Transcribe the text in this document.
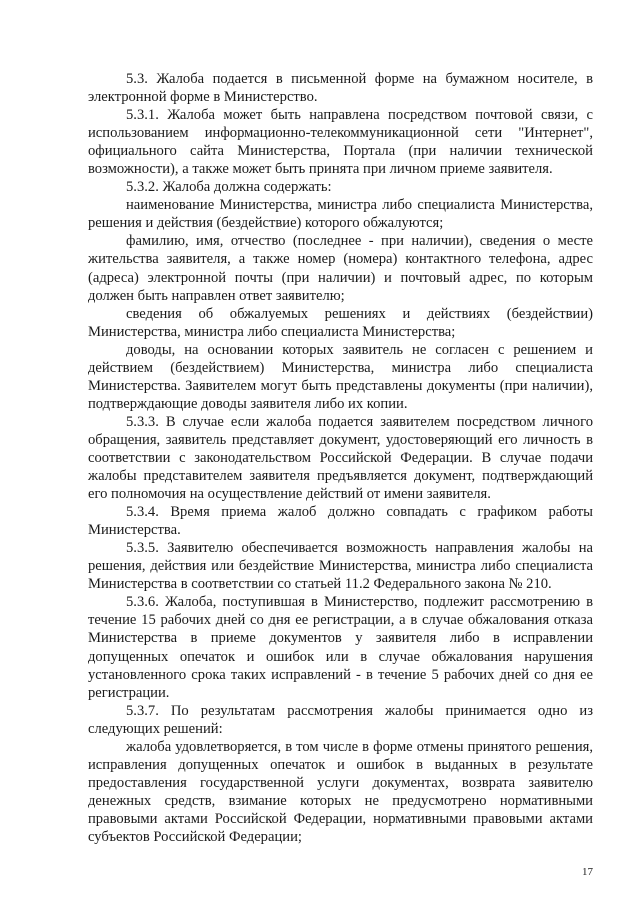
5.3. Жалоба подается в письменной форме на бумажном носителе, в электронной форме в Министерство.

5.3.1. Жалоба может быть направлена посредством почтовой связи, с использованием информационно-телекоммуникационной сети "Интернет", официального сайта Министерства, Портала (при наличии технической возможности), а также может быть принята при личном приеме заявителя.

5.3.2. Жалоба должна содержать:

наименование Министерства, министра либо специалиста Министерства, решения и действия (бездействие) которого обжалуются;

фамилию, имя, отчество (последнее - при наличии), сведения о месте жительства заявителя, а также номер (номера) контактного телефона, адрес (адреса) электронной почты (при наличии) и почтовый адрес, по которым должен быть направлен ответ заявителю;

сведения об обжалуемых решениях и действиях (бездействии) Министерства, министра либо специалиста Министерства;

доводы, на основании которых заявитель не согласен с решением и действием (бездействием) Министерства, министра либо специалиста Министерства. Заявителем могут быть представлены документы (при наличии), подтверждающие доводы заявителя либо их копии.

5.3.3. В случае если жалоба подается заявителем посредством личного обращения, заявитель представляет документ, удостоверяющий его личность в соответствии с законодательством Российской Федерации. В случае подачи жалобы представителем заявителя предъявляется документ, подтверждающий его полномочия на осуществление действий от имени заявителя.

5.3.4. Время приема жалоб должно совпадать с графиком работы Министерства.

5.3.5. Заявителю обеспечивается возможность направления жалобы на решения, действия или бездействие Министерства, министра либо специалиста Министерства в соответствии со статьей 11.2 Федерального закона № 210.

5.3.6. Жалоба, поступившая в Министерство, подлежит рассмотрению в течение 15 рабочих дней со дня ее регистрации, а в случае обжалования отказа Министерства в приеме документов у заявителя либо в исправлении допущенных опечаток и ошибок или в случае обжалования нарушения установленного срока таких исправлений - в течение 5 рабочих дней со дня ее регистрации.

5.3.7. По результатам рассмотрения жалобы принимается одно из следующих решений:

жалоба удовлетворяется, в том числе в форме отмены принятого решения, исправления допущенных опечаток и ошибок в выданных в результате предоставления государственной услуги документах, возврата заявителю денежных средств, взимание которых не предусмотрено нормативными правовыми актами Российской Федерации, нормативными правовыми актами субъектов Российской Федерации;

17
